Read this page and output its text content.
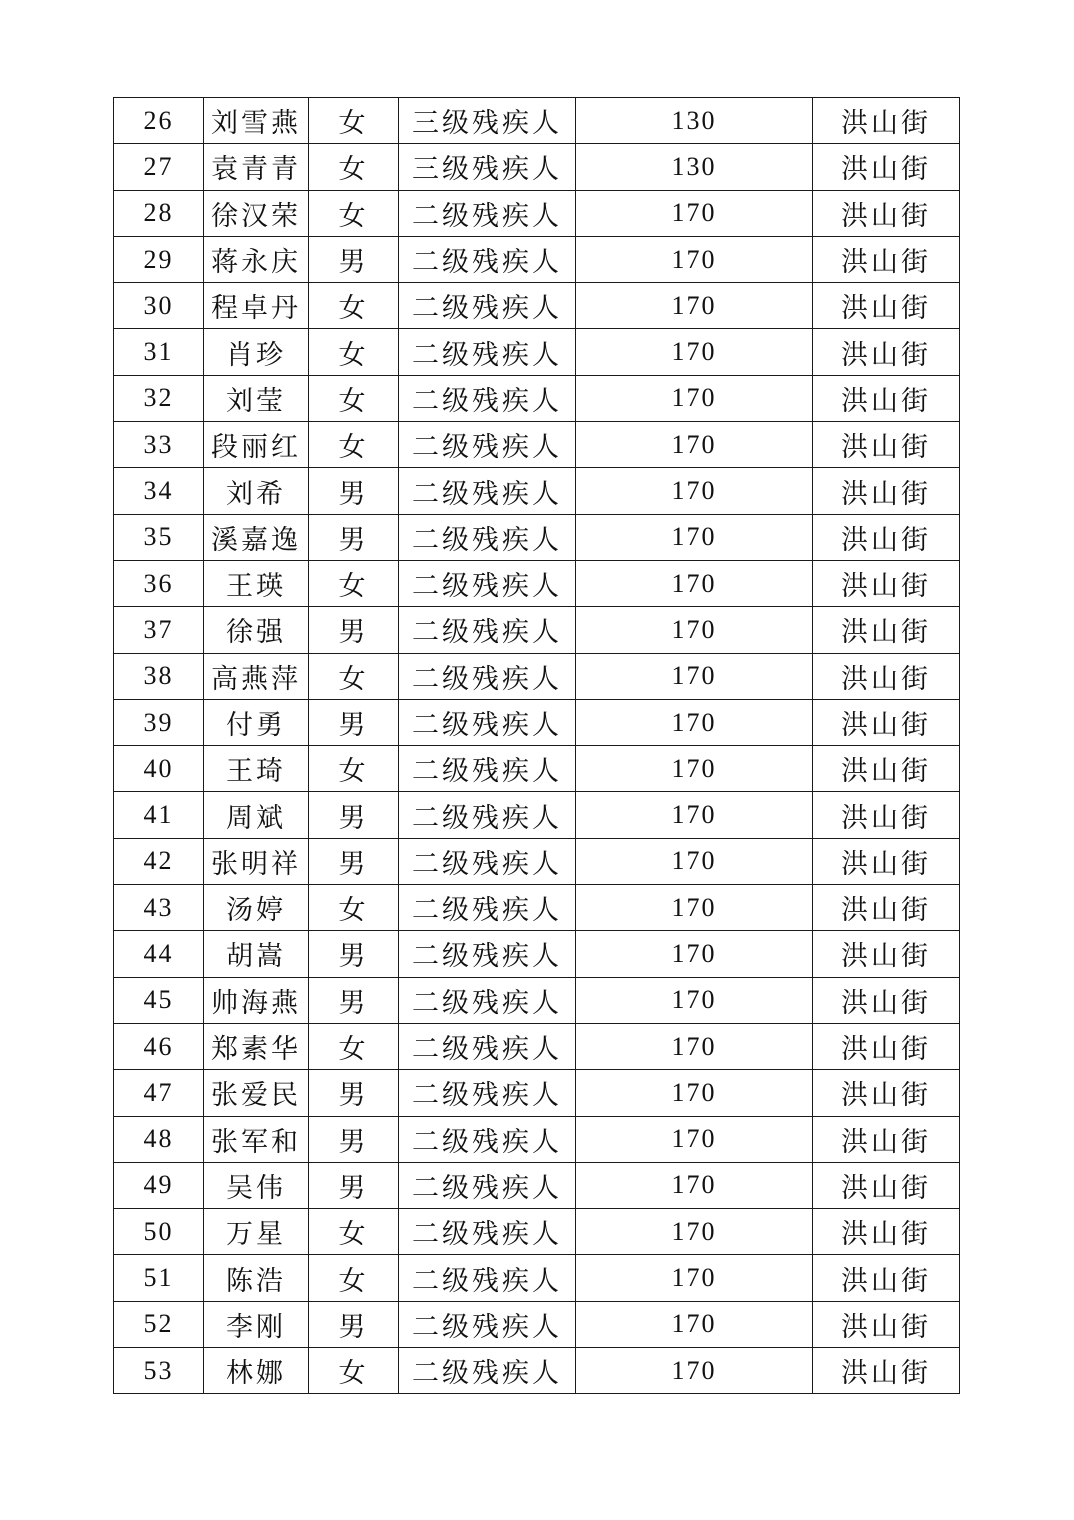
26	刘雪燕	女	三级残疾人	130	洪山街
27	袁青青	女	三级残疾人	130	洪山街
28	徐汉荣	女	二级残疾人	170	洪山街
29	蒋永庆	男	二级残疾人	170	洪山街
30	程卓丹	女	二级残疾人	170	洪山街
31	肖珍	女	二级残疾人	170	洪山街
32	刘莹	女	二级残疾人	170	洪山街
33	段丽红	女	二级残疾人	170	洪山街
34	刘希	男	二级残疾人	170	洪山街
35	溪嘉逸	男	二级残疾人	170	洪山街
36	王瑛	女	二级残疾人	170	洪山街
37	徐强	男	二级残疾人	170	洪山街
38	高燕萍	女	二级残疾人	170	洪山街
39	付勇	男	二级残疾人	170	洪山街
40	王琦	女	二级残疾人	170	洪山街
41	周斌	男	二级残疾人	170	洪山街
42	张明祥	男	二级残疾人	170	洪山街
43	汤婷	女	二级残疾人	170	洪山街
44	胡嵩	男	二级残疾人	170	洪山街
45	帅海燕	男	二级残疾人	170	洪山街
46	郑素华	女	二级残疾人	170	洪山街
47	张爱民	男	二级残疾人	170	洪山街
48	张军和	男	二级残疾人	170	洪山街
49	吴伟	男	二级残疾人	170	洪山街
50	万星	女	二级残疾人	170	洪山街
51	陈浩	女	二级残疾人	170	洪山街
52	李刚	男	二级残疾人	170	洪山街
53	林娜	女	二级残疾人	170	洪山街
